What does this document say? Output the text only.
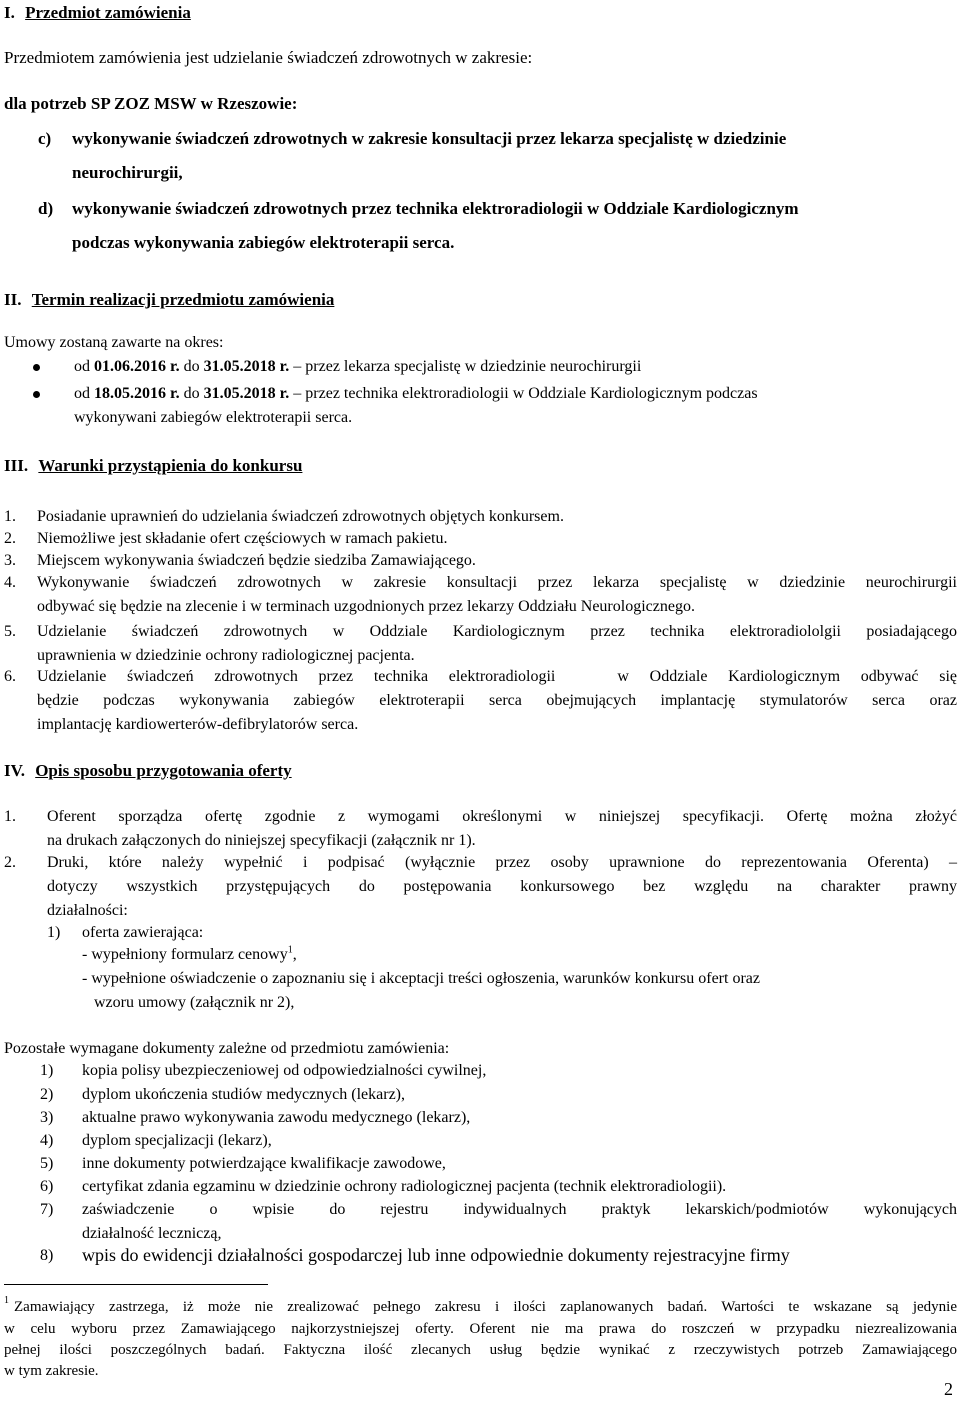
I. Przedmiot zamówienia
Przedmiotem zamówienia jest udzielanie świadczeń zdrowotnych w zakresie:
dla potrzeb SP ZOZ MSW w Rzeszowie:
c) wykonywanie świadczeń zdrowotnych w zakresie konsultacji przez lekarza specjalistę w dziedzinie
neurochirurgii,
d) wykonywanie świadczeń zdrowotnych przez technika elektroradiologii w Oddziale Kardiologicznym
podczas wykonywania zabiegów elektroterapii serca.
II. Termin realizacji przedmiotu zamówienia
Umowy zostaną zawarte na okres:
od 01.06.2016 r. do 31.05.2018 r. – przez lekarza specjalistę w dziedzinie neurochirurgii
od 18.05.2016 r. do 31.05.2018 r. – przez technika elektroradiologii w Oddziale Kardiologicznym podczas
wykonywani zabiegów elektroterapii serca.
III. Warunki przystąpienia do konkursu
1. Posiadanie uprawnień do udzielania świadczeń zdrowotnych objętych konkursem.
2. Niemożliwe jest składanie ofert częściowych w ramach pakietu.
3. Miejscem wykonywania świadczeń będzie siedziba Zamawiającego.
4. Wykonywanie świadczeń zdrowotnych w zakresie konsultacji przez lekarza specjalistę w dziedzinie neurochirurgii
odbywać się będzie na zlecenie i w terminach uzgodnionych przez lekarzy Oddziału Neurologicznego.
5. Udzielanie świadczeń zdrowotnych w Oddziale Kardiologicznym przez technika elektroradiololgii posiadającego
uprawnienia w dziedzinie ochrony radiologicznej pacjenta.
6. Udzielanie świadczeń zdrowotnych przez technika elektroradiologii   w Oddziale Kardiologicznym odbywać się
będzie podczas wykonywania zabiegów elektroterapii serca obejmujących implantację stymulatorów serca oraz
implantację kardiowerterów-defibrylatorów serca.
IV. Opis sposobu przygotowania oferty
1. Oferent sporządza ofertę zgodnie z wymogami określonymi w niniejszej specyfikacji. Ofertę można złożyć
na drukach załączonych do niniejszej specyfikacji (załącznik nr 1).
2. Druki, które należy wypełnić i podpisać (wyłącznie przez osoby uprawnione do reprezentowania Oferenta) –
dotyczy wszystkich przystępujących do postępowania konkursowego bez względu na charakter prawny
działalności:
1) oferta zawierająca:
- wypełniony formularz cenowy$^1$,
- wypełnione oświadczenie o zapoznaniu się i akceptacji treści ogłoszenia, warunków konkursu ofert oraz
wzoru umowy (załącznik nr 2),
Pozostałe wymagane dokumenty zależne od przedmiotu zamówienia:
1) kopia polisy ubezpieczeniowej od odpowiedzialności cywilnej,
2) dyplom ukończenia studiów medycznych (lekarz),
3) aktualne prawo wykonywania zawodu medycznego (lekarz),
4) dyplom specjalizacji (lekarz),
5) inne dokumenty potwierdzające kwalifikacje zawodowe,
6) certyfikat zdania egzaminu w dziedzinie ochrony radiologicznej pacjenta (technik elektroradiologii).
7) zaświadczenie o wpisie do rejestru indywidualnych praktyk lekarskich/podmiotów wykonujących
działalność leczniczą,
8) wpis do ewidencji działalności gospodarczej lub inne odpowiednie dokumenty rejestracyjne firmy
1 Zamawiający zastrzega, iż może nie zrealizować pełnego zakresu i ilości zaplanowanych badań. Wartości te wskazane są jedynie
w celu wyboru przez Zamawiającego najkorzystniejszej oferty. Oferent nie ma prawa do roszczeń w przypadku niezrealizowania
pełnej ilości poszczególnych badań. Faktyczna ilość zlecanych usług będzie wynikać z rzeczywistych potrzeb Zamawiającego
w tym zakresie.
2
